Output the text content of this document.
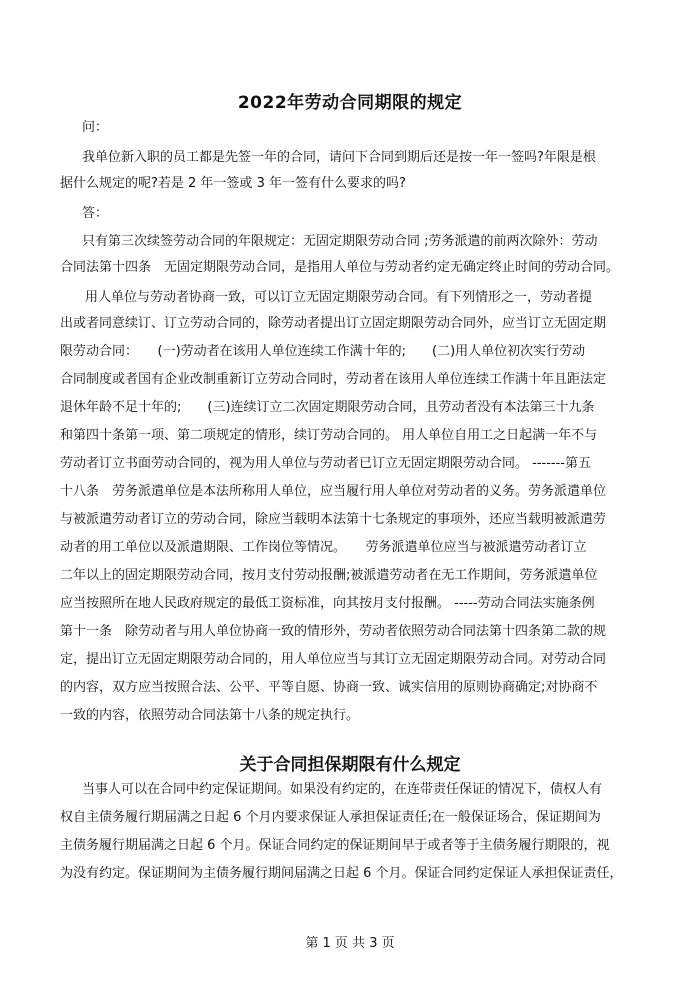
2022年劳动合同期限的规定
问：
我单位新入职的员工都是先签一年的合同，请问下合同到期后还是按一年一签吗?年限是根
据什么规定的呢?若是 2 年一签或 3 年一签有什么要求的吗?
答：
只有第三次续签劳动合同的年限规定：无固定期限劳动合同 ;劳务派遣的前两次除外：劳动
合同法第十四条　无固定期限劳动合同，是指用人单位与劳动者约定无确定终止时间的劳动合同。
　用人单位与劳动者协商一致，可以订立无固定期限劳动合同。有下列情形之一，劳动者提
出或者同意续订、订立劳动合同的，除劳动者提出订立固定期限劳动合同外，应当订立无固定期
限劳动合同：　　(一)劳动者在该用人单位连续工作满十年的;　　(二)用人单位初次实行劳动
合同制度或者国有企业改制重新订立劳动合同时，劳动者在该用人单位连续工作满十年且距法定
退休年龄不足十年的;　　(三)连续订立二次固定期限劳动合同，且劳动者没有本法第三十九条
和第四十条第一项、第二项规定的情形，续订劳动合同的。 用人单位自用工之日起满一年不与
劳动者订立书面劳动合同的，视为用人单位与劳动者已订立无固定期限劳动合同。 -------第五
十八条　劳务派遣单位是本法所称用人单位，应当履行用人单位对劳动者的义务。劳务派遣单位
与被派遣劳动者订立的劳动合同，除应当载明本法第十七条规定的事项外，还应当载明被派遣劳
动者的用工单位以及派遣期限、工作岗位等情况。　　劳务派遣单位应当与被派遣劳动者订立
二年以上的固定期限劳动合同，按月支付劳动报酬;被派遣劳动者在无工作期间，劳务派遣单位
应当按照所在地人民政府规定的最低工资标准，向其按月支付报酬。 -----劳动合同法实施条例
第十一条　除劳动者与用人单位协商一致的情形外，劳动者依照劳动合同法第十四条第二款的规
定，提出订立无固定期限劳动合同的，用人单位应当与其订立无固定期限劳动合同。对劳动合同
的内容，双方应当按照合法、公平、平等自愿、协商一致、诚实信用的原则协商确定;对协商不
一致的内容，依照劳动合同法第十八条的规定执行。
关于合同担保期限有什么规定
当事人可以在合同中约定保证期间。如果没有约定的，在连带责任保证的情况下，债权人有
权自主债务履行期届满之日起 6 个月内要求保证人承担保证责任;在一般保证场合，保证期间为
主债务履行期届满之日起 6 个月。保证合同约定的保证期间早于或者等于主债务履行期限的，视
为没有约定。保证期间为主债务履行期间届满之日起 6 个月。保证合同约定保证人承担保证责任，
第 1 页 共 3 页
